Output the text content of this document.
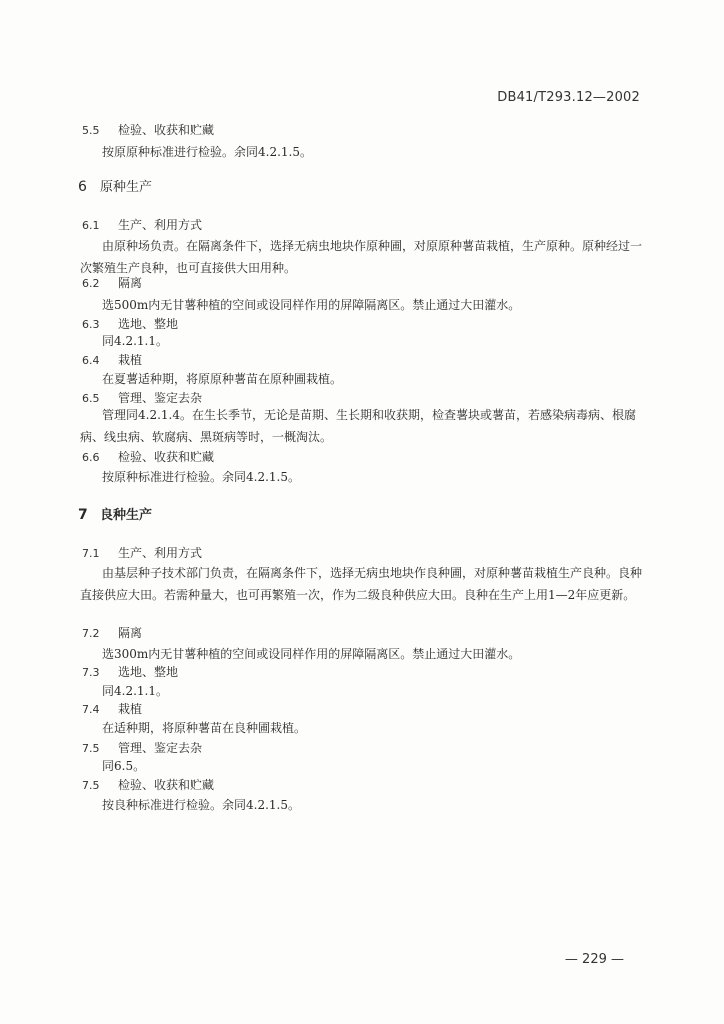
DB41/T293.12—2002
5.5 检验、收获和贮藏
按原原种标准进行检验。余同4.2.1.5。
6 原种生产
6.1 生产、利用方式
由原种场负责。在隔离条件下，选择无病虫地块作原种圃，对原原种薯苗栽植，生产原种。原种经过一次繁殖生产良种，也可直接供大田用种。
6.2 隔离
选500m内无甘薯种植的空间或设同样作用的屏障隔离区。禁止通过大田灌水。
6.3 选地、整地
同4.2.1.1。
6.4 栽植
在夏薯适种期，将原原种薯苗在原种圃栽植。
6.5 管理、鉴定去杂
管理同4.2.1.4。在生长季节，无论是苗期、生长期和收获期，检查薯块或薯苗，若感染病毒病、根腐病、线虫病、软腐病、黑斑病等时，一概淘汰。
6.6 检验、收获和贮藏
按原种标准进行检验。余同4.2.1.5。
7 良种生产
7.1 生产、利用方式
由基层种子技术部门负责，在隔离条件下，选择无病虫地块作良种圃，对原种薯苗栽植生产良种。良种直接供应大田。若需种量大，也可再繁殖一次，作为二级良种供应大田。良种在生产上用1—2年应更新。
7.2 隔离
选300m内无甘薯种植的空间或设同样作用的屏障隔离区。禁止通过大田灌水。
7.3 选地、整地
同4.2.1.1。
7.4 栽植
在适种期，将原种薯苗在良种圃栽植。
7.5 管理、鉴定去杂
同6.5。
7.5 检验、收获和贮藏
按良种标准进行检验。余同4.2.1.5。
— 229 —
